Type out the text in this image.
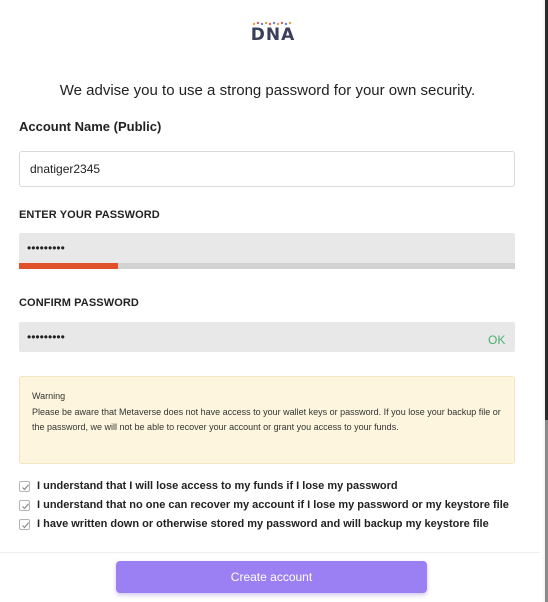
DNA
We advise you to use a strong password for your own security.
Account Name (Public)
dnatiger2345
ENTER YOUR PASSWORD
•••••••••
CONFIRM PASSWORD
•••••••••
OK
Warning
Please be aware that Metaverse does not have access to your wallet keys or password. If you lose your backup file or the password, we will not be able to recover your account or grant you access to your funds.
I understand that I will lose access to my funds if I lose my password
I understand that no one can recover my account if I lose my password or my keystore file
I have written down or otherwise stored my password and will backup my keystore file
Create account
